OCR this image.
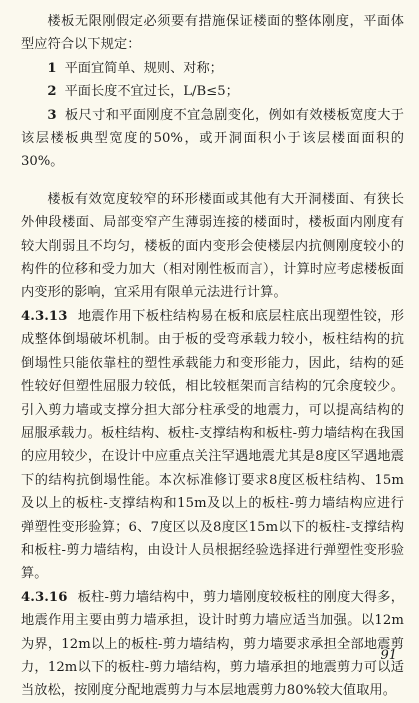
楼板无限刚假定必须要有措施保证楼面的整体刚度，平面体型应符合以下规定：

1 平面宜简单、规则、对称；

2 平面长度不宜过长，L/B≤5；

3 板尺寸和平面刚度不宜急剧变化，例如有效楼板宽度大于该层楼板典型宽度的50%，或开洞面积小于该层楼面面积的30%。

楼板有效宽度较窄的环形楼面或其他有大开洞楼面、有狭长外伸段楼面、局部变窄产生薄弱连接的楼面时，楼板面内刚度有较大削弱且不均匀，楼板的面内变形会使楼层内抗侧刚度较小的构件的位移和受力加大（相对刚性板而言），计算时应考虑楼板面内变形的影响，宜采用有限单元法进行计算。

4.3.13 地震作用下板柱结构易在板和底层柱底出现塑性铰，形成整体倒塌破坏机制。由于板的受弯承载力较小，板柱结构的抗倒塌性只能依靠柱的塑性承载能力和变形能力，因此，结构的延性较好但塑性屈服力较低，相比较框架而言结构的冗余度较少。引入剪力墙或支撑分担大部分柱承受的地震力，可以提高结构的屈服承载力。板柱结构、板柱-支撑结构和板柱-剪力墙结构在我国的应用较少，在设计中应重点关注罕遇地震尤其是8度区罕遇地震下的结构抗倒塌性能。本次标准修订要求8度区板柱结构、15m及以上的板柱-支撑结构和15m及以上的板柱-剪力墙结构应进行弹塑性变形验算；6、7度区以及8度区15m以下的板柱-支撑结构和板柱-剪力墙结构，由设计人员根据经验选择进行弹塑性变形验算。

4.3.16 板柱-剪力墙结构中，剪力墙刚度较板柱的刚度大得多，地震作用主要由剪力墙承担，设计时剪力墙应适当加强。以12m为界，12m以上的板柱-剪力墙结构，剪力墙要求承担全部地震剪力，12m以下的板柱-剪力墙结构，剪力墙承担的地震剪力可以适当放松，按刚度分配地震剪力与本层地震剪力80%较大值取用。

91
